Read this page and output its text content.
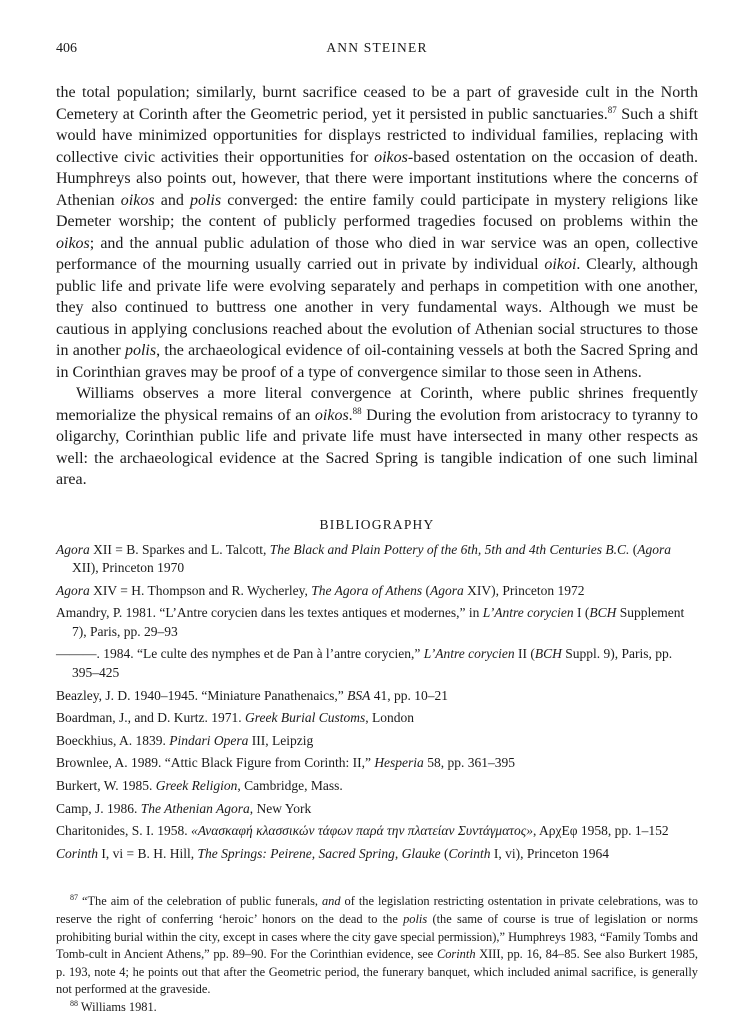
406	ANN STEINER

the total population; similarly, burnt sacrifice ceased to be a part of graveside cult in the North Cemetery at Corinth after the Geometric period, yet it persisted in public sanctuaries.$^{87}$ Such a shift would have minimized opportunities for displays restricted to individual families, replacing with collective civic activities their opportunities for oikos-based ostentation on the occasion of death. Humphreys also points out, however, that there were important institutions where the concerns of Athenian oikos and polis converged: the entire family could participate in mystery religions like Demeter worship; the content of publicly performed tragedies focused on problems within the oikos; and the annual public adulation of those who died in war service was an open, collective performance of the mourning usually carried out in private by individual oikoi. Clearly, although public life and private life were evolving separately and perhaps in competition with one another, they also continued to buttress one another in very fundamental ways. Although we must be cautious in applying conclusions reached about the evolution of Athenian social structures to those in another polis, the archaeological evidence of oil-containing vessels at both the Sacred Spring and in Corinthian graves may be proof of a type of convergence similar to those seen in Athens.

Williams observes a more literal convergence at Corinth, where public shrines frequently memorialize the physical remains of an oikos.$^{88}$ During the evolution from aristocracy to tyranny to oligarchy, Corinthian public life and private life must have intersected in many other respects as well: the archaeological evidence at the Sacred Spring is tangible indication of one such liminal area.

BIBLIOGRAPHY
Agora XII = B. Sparkes and L. Talcott, The Black and Plain Pottery of the 6th, 5th and 4th Centuries B.C. (Agora XII), Princeton 1970
Agora XIV = H. Thompson and R. Wycherley, The Agora of Athens (Agora XIV), Princeton 1972
Amandry, P. 1981. “L’Antre corycien dans les textes antiques et modernes,” in L’Antre corycien I (BCH Supplement 7), Paris, pp. 29–93
———. 1984. “Le culte des nymphes et de Pan à l’antre corycien,” L’Antre corycien II (BCH Suppl. 9), Paris, pp. 395–425
Beazley, J. D. 1940–1945. “Miniature Panathenaics,” BSA 41, pp. 10–21
Boardman, J., and D. Kurtz. 1971. Greek Burial Customs, London
Boeckhius, A. 1839. Pindari Opera III, Leipzig
Brownlee, A. 1989. “Attic Black Figure from Corinth: II,” Hesperia 58, pp. 361–395
Burkert, W. 1985. Greek Religion, Cambridge, Mass.
Camp, J. 1986. The Athenian Agora, New York
Charitonides, S. I. 1958. «Ανασκαφή κλασσικών τάφων παρά την πλατείαν Συντάγματος», ΑρχΕφ 1958, pp. 1–152
Corinth I, vi = B. H. Hill, The Springs: Peirene, Sacred Spring, Glauke (Corinth I, vi), Princeton 1964

$^{87}$ “The aim of the celebration of public funerals, and of the legislation restricting ostentation in private celebrations, was to reserve the right of conferring ‘heroic’ honors on the dead to the polis (the same of course is true of legislation or norms prohibiting burial within the city, except in cases where the city gave special permission),” Humphreys 1983, “Family Tombs and Tomb-cult in Ancient Athens,” pp. 89–90. For the Corinthian evidence, see Corinth XIII, pp. 16, 84–85. See also Burkert 1985, p. 193, note 4; he points out that after the Geometric period, the funerary banquet, which included animal sacrifice, is generally not performed at the graveside.

$^{88}$ Williams 1981.
